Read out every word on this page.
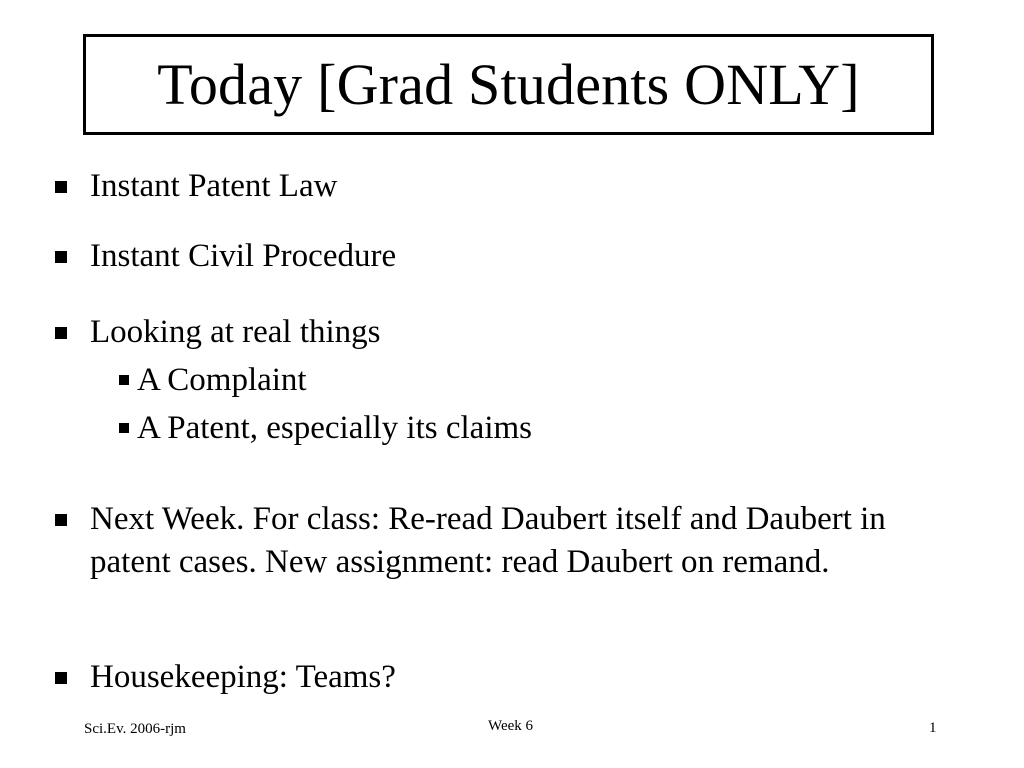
Today [Grad Students ONLY]
Instant Patent Law
Instant Civil Procedure
Looking at real things
A Complaint
A Patent, especially its claims
Next Week. For class: Re-read Daubert itself and Daubert in patent cases. New assignment: read Daubert on remand.
Housekeeping: Teams?
Sci.Ev. 2006-rjm	Week 6	1
